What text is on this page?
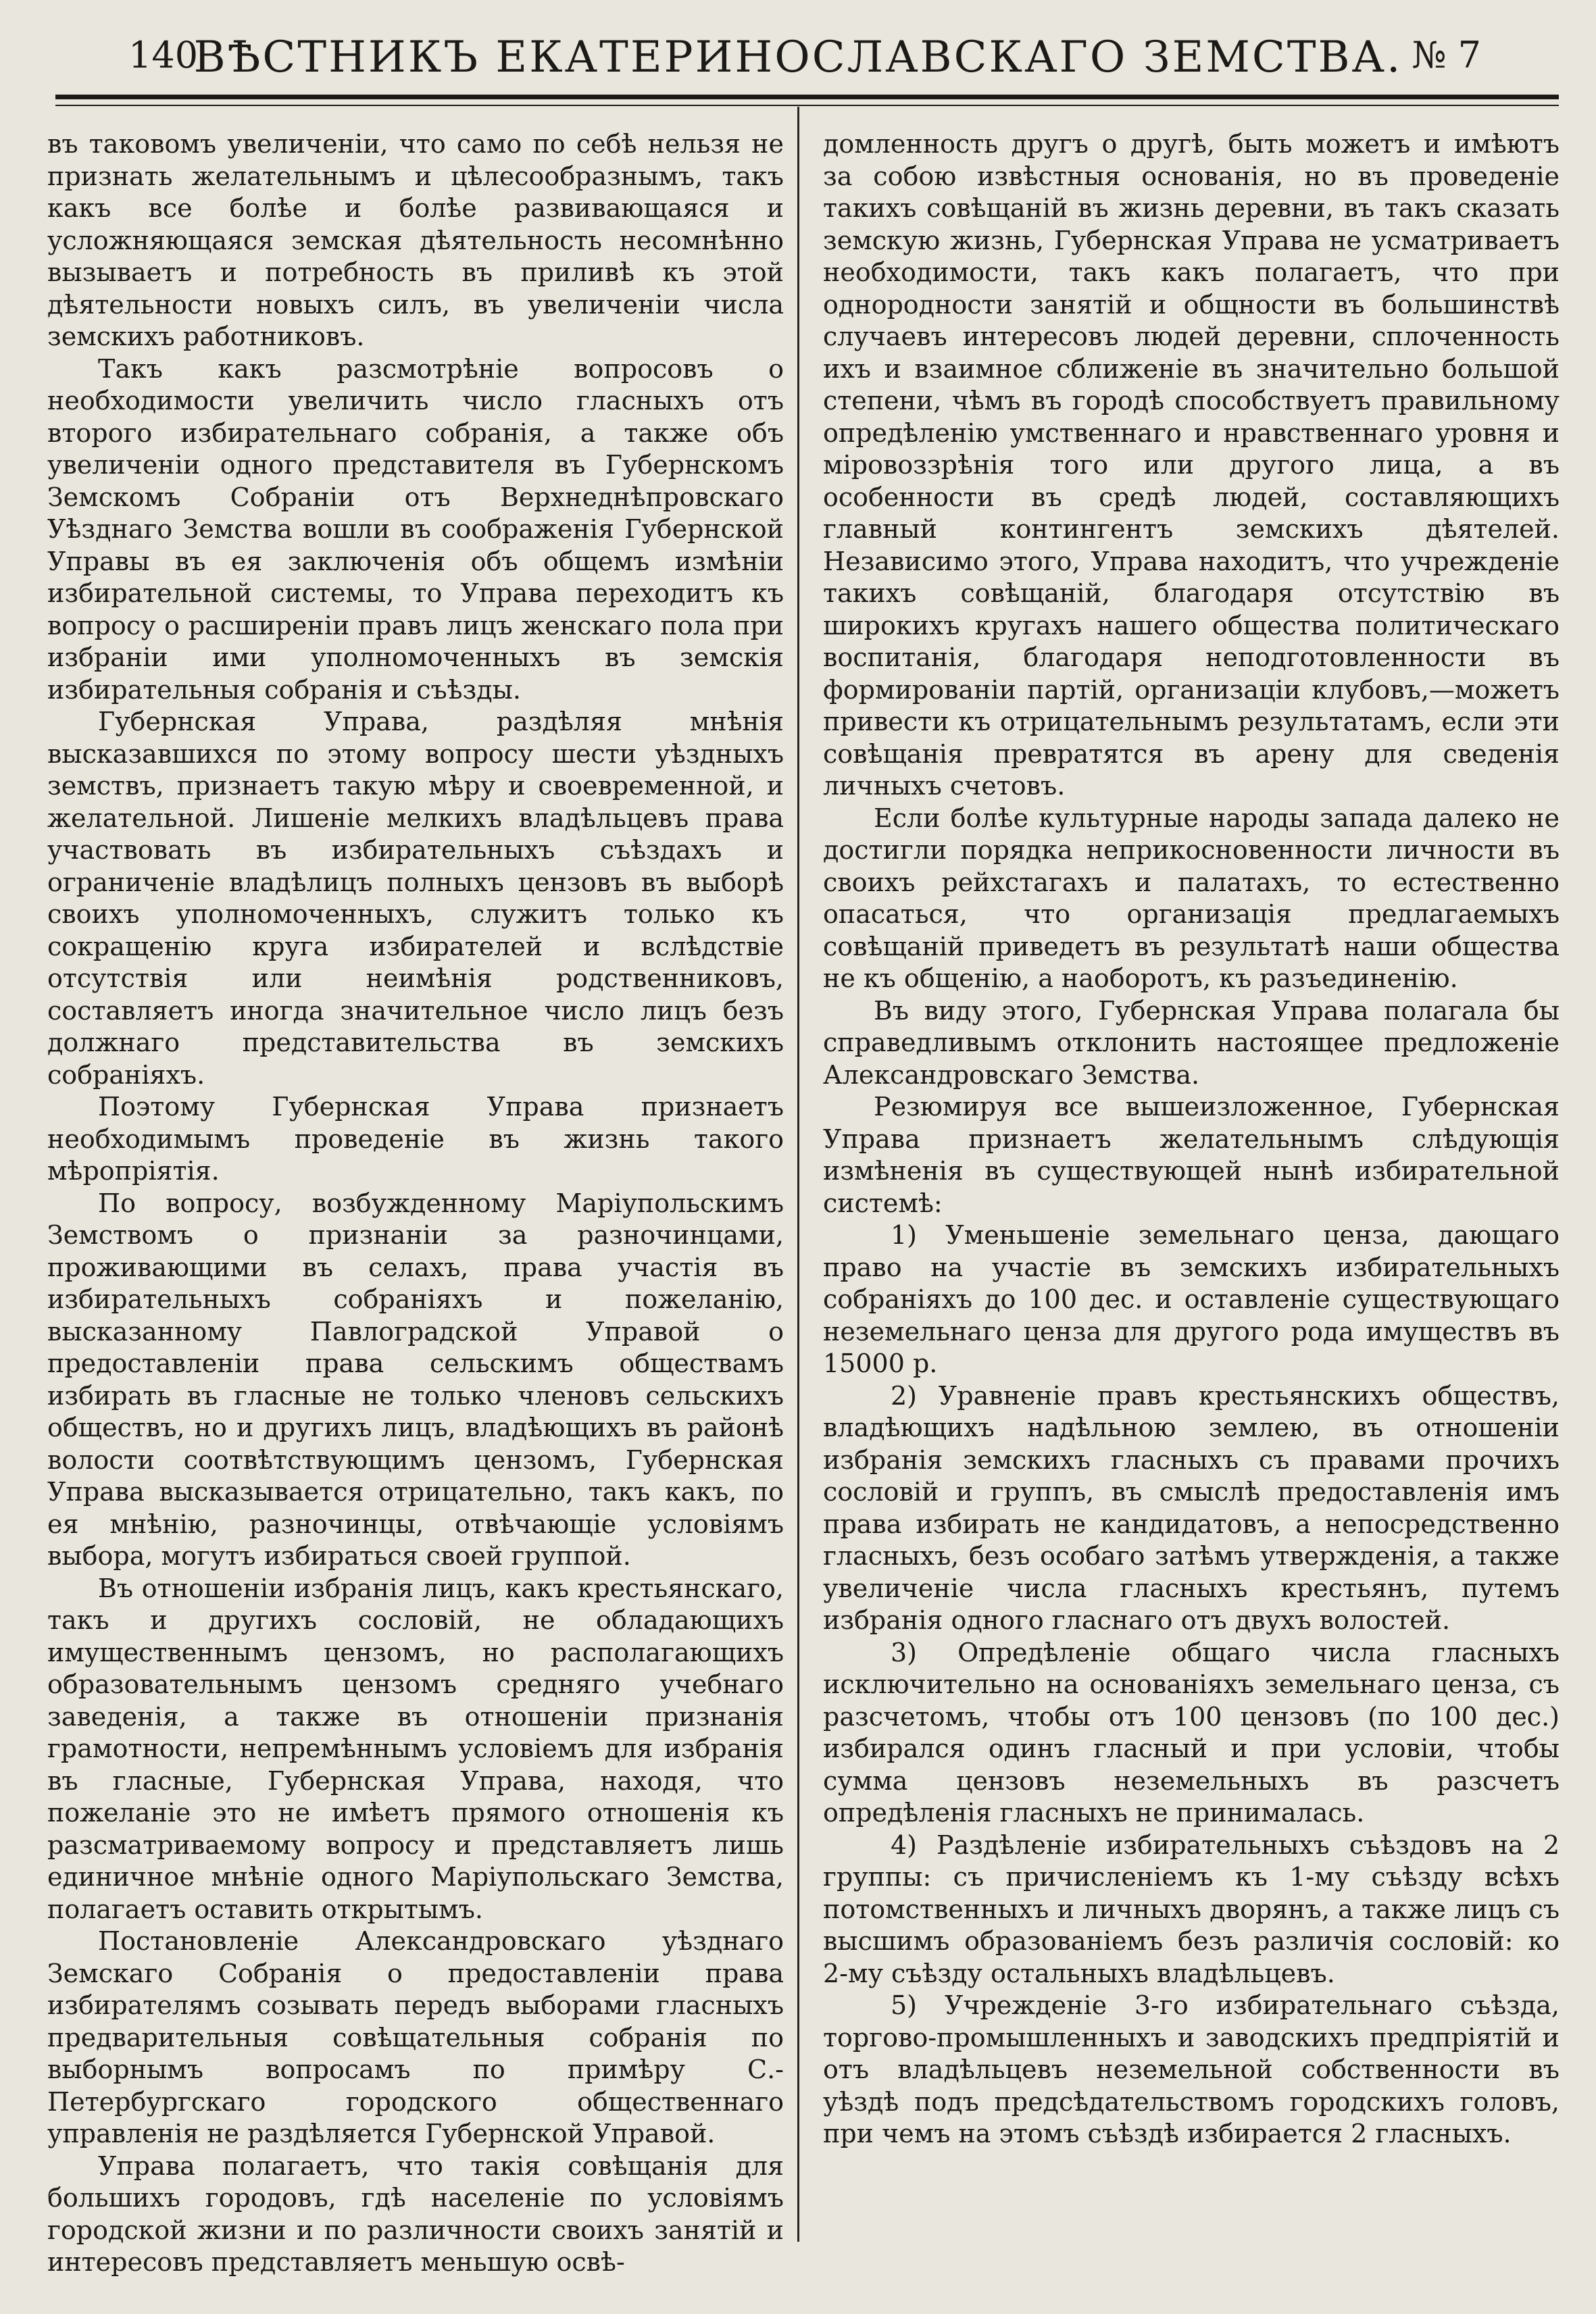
140
ВѢСТНИКЪ ЕКАТЕРИНОСЛАВСКАГО ЗЕМСТВА. № 7

въ таковомъ увеличеніи, что само по себѣ нельзя не признать желательнымъ и цѣлесообразнымъ, такъ какъ все болѣе и болѣе развивающаяся и усложняющаяся земская дѣятельность несомнѣнно вызываетъ и потребность въ приливѣ къ этой дѣятельности новыхъ силъ, въ увеличеніи числа земскихъ работниковъ.

Такъ какъ разсмотрѣніе вопросовъ о необходимости увеличить число гласныхъ отъ второго избирательнаго собранія, а также объ увеличеніи одного представителя въ Губернскомъ Земскомъ Собраніи отъ Верхнеднѣпровскаго Уѣзднаго Земства вошли въ соображенія Губернской Управы въ ея заключенія объ общемъ измѣніи избирательной системы, то Управа переходитъ къ вопросу о расширеніи правъ лицъ женскаго пола при избраніи ими уполномоченныхъ въ земскія избирательныя собранія и съѣзды.

Губернская Управа, раздѣляя мнѣнія высказавшихся по этому вопросу шести уѣздныхъ земствъ, признаетъ такую мѣру и своевременной, и желательной. Лишеніе мелкихъ владѣльцевъ права участвовать въ избирательныхъ съѣздахъ и ограниченіе владѣлицъ полныхъ цензовъ въ выборѣ своихъ уполномоченныхъ, служитъ только къ сокращенію круга избирателей и вслѣдствіе отсутствія или неимѣнія родственниковъ, составляетъ иногда значительное число лицъ безъ должнаго представительства въ земскихъ собраніяхъ.

Поэтому Губернская Управа признаетъ необходимымъ проведеніе въ жизнь такого мѣропріятія.

По вопросу, возбужденному Маріупольскимъ Земствомъ о признаніи за разночинцами, проживающими въ селахъ, права участія въ избирательныхъ собраніяхъ и пожеланію, высказанному Павлоградской Управой о предоставленіи права сельскимъ обществамъ избирать въ гласные не только членовъ сельскихъ обществъ, но и другихъ лицъ, владѣющихъ въ районѣ волости соотвѣтствующимъ цензомъ, Губернская Управа высказывается отрицательно, такъ какъ, по ея мнѣнію, разночинцы, отвѣчающіе условіямъ выбора, могутъ избираться своей группой.

Въ отношеніи избранія лицъ, какъ крестьянскаго, такъ и другихъ сословій, не обладающихъ имущественнымъ цензомъ, но располагающихъ образовательнымъ цензомъ средняго учебнаго заведенія, а также въ отношеніи признанія грамотности, непремѣннымъ условіемъ для избранія въ гласные, Губернская Управа, находя, что пожеланіе это не имѣетъ прямого отношенія къ разсматриваемому вопросу и представляетъ лишь единичное мнѣніе одного Маріупольскаго Земства, полагаетъ оставить открытымъ.

Постановленіе Александровскаго уѣзднаго Земскаго Собранія о предоставленіи права избирателямъ созывать передъ выборами гласныхъ предварительныя совѣщательныя собранія по выборнымъ вопросамъ по примѣру С.-Петербургскаго городского общественнаго управленія не раздѣляется Губернской Управой.

Управа полагаетъ, что такія совѣщанія для большихъ городовъ, гдѣ населеніе по условіямъ городской жизни и по различности своихъ занятій и интересовъ представляетъ меньшую освѣ-

домленность другъ о другѣ, быть можетъ и имѣютъ за собою извѣстныя основанія, но въ проведеніе такихъ совѣщаній въ жизнь деревни, въ такъ сказать земскую жизнь, Губернская Управа не усматриваетъ необходимости, такъ какъ полагаетъ, что при однородности занятій и общности въ большинствѣ случаевъ интересовъ людей деревни, сплоченность ихъ и взаимное сближеніе въ значительно большой степени, чѣмъ въ городѣ способствуетъ правильному опредѣленію умственнаго и нравственнаго уровня и міровоззрѣнія того или другого лица, а въ особенности въ средѣ людей, составляющихъ главный контингентъ земскихъ дѣятелей. Независимо этого, Управа находитъ, что учрежденіе такихъ совѣщаній, благодаря отсутствію въ широкихъ кругахъ нашего общества политическаго воспитанія, благодаря неподготовленности въ формированіи партій, организаціи клубовъ,—можетъ привести къ отрицательнымъ результатамъ, если эти совѣщанія превратятся въ арену для сведенія личныхъ счетовъ.

Если болѣе культурные народы запада далеко не достигли порядка неприкосновенности личности въ своихъ рейхстагахъ и палатахъ, то естественно опасаться, что организація предлагаемыхъ совѣщаній приведетъ въ результатѣ наши общества не къ общенію, а наоборотъ, къ разъединенію.

Въ виду этого, Губернская Управа полагала бы справедливымъ отклонить настоящее предложеніе Александровскаго Земства.

Резюмируя все вышеизложенное, Губернская Управа признаетъ желательнымъ слѣдующія измѣненія въ существующей нынѣ избирательной системѣ:

1) Уменьшеніе земельнаго ценза, дающаго право на участіе въ земскихъ избирательныхъ собраніяхъ до 100 дес. и оставленіе существующаго неземельнаго ценза для другого рода имуществъ въ 15000 р.

2) Уравненіе правъ крестьянскихъ обществъ, владѣющихъ надѣльною землею, въ отношеніи избранія земскихъ гласныхъ съ правами прочихъ сословій и группъ, въ смыслѣ предоставленія имъ права избирать не кандидатовъ, а непосредственно гласныхъ, безъ особаго затѣмъ утвержденія, а также увеличеніе числа гласныхъ крестьянъ, путемъ избранія одного гласнаго отъ двухъ волостей.

3) Опредѣленіе общаго числа гласныхъ исключительно на основаніяхъ земельнаго ценза, съ разсчетомъ, чтобы отъ 100 цензовъ (по 100 дес.) избирался одинъ гласный и при условіи, чтобы сумма цензовъ неземельныхъ въ разсчетъ опредѣленія гласныхъ не принималась.

4) Раздѣленіе избирательныхъ съѣздовъ на 2 группы: съ причисленіемъ къ 1-му съѣзду всѣхъ потомственныхъ и личныхъ дворянъ, а также лицъ съ высшимъ образованіемъ безъ различія сословій: ко 2-му съѣзду остальныхъ владѣльцевъ.

5) Учрежденіе 3-го избирательнаго съѣзда, торгово-промышленныхъ и заводскихъ предпріятій и отъ владѣльцевъ неземельной собственности въ уѣздѣ подъ предсѣдательствомъ городскихъ головъ, при чемъ на этомъ съѣздѣ избирается 2 гласныхъ.
